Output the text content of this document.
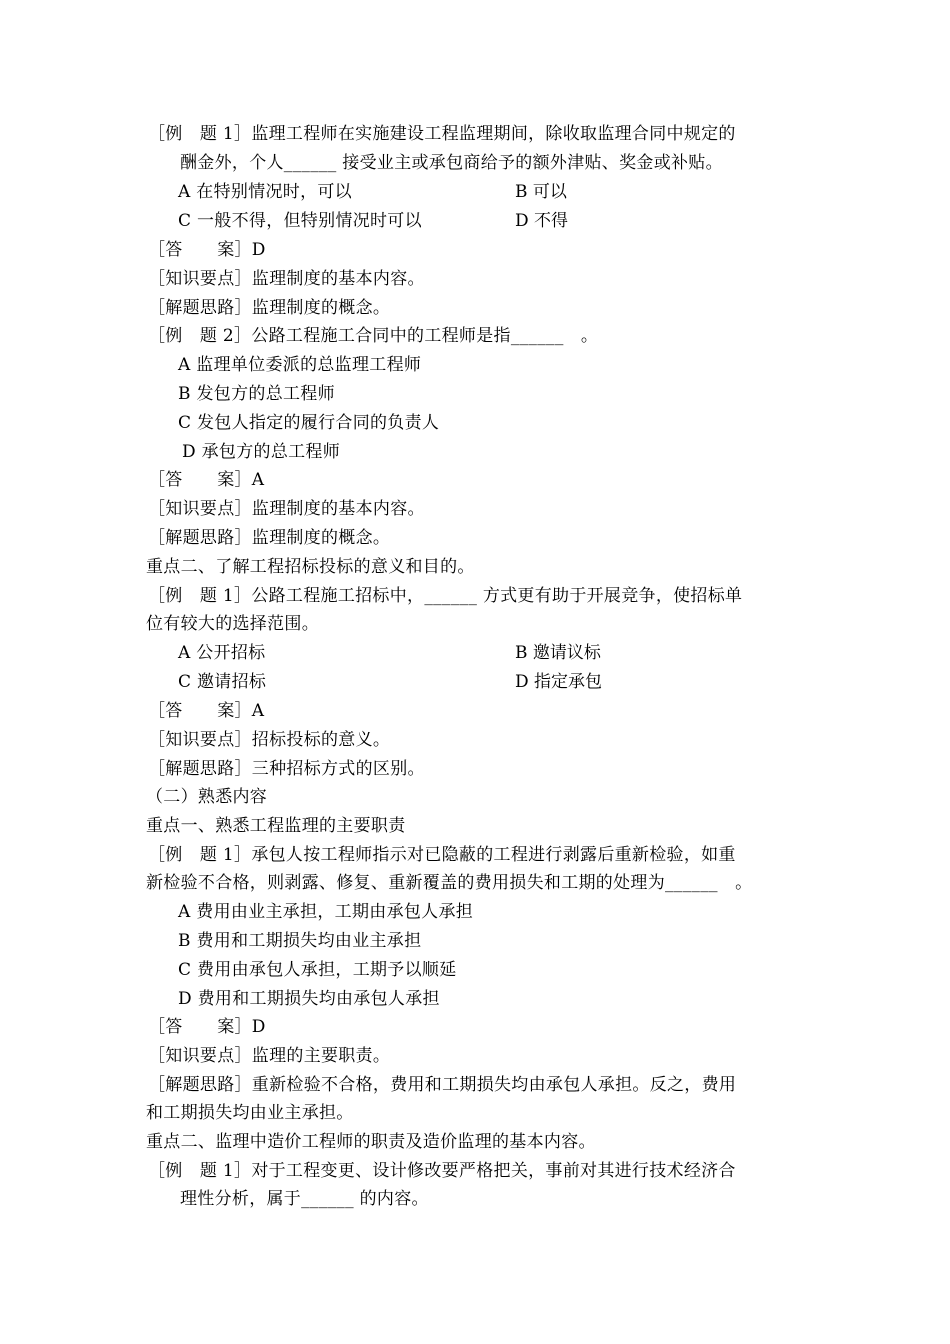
［例　题 1］监理工程师在实施建设工程监理期间，除收取监理合同中规定的
酬金外，个人______ 接受业主或承包商给予的额外津贴、奖金或补贴。
A 在特别情况时，可以	B 可以
C 一般不得，但特别情况时可以	D 不得
［答　　案］D
［知识要点］监理制度的基本内容。
［解题思路］监理制度的概念。
［例　题 2］公路工程施工合同中的工程师是指______　。
A 监理单位委派的总监理工程师
B 发包方的总工程师
C 发包人指定的履行合同的负责人
D 承包方的总工程师
［答　　案］A
［知识要点］监理制度的基本内容。
［解题思路］监理制度的概念。
重点二、了解工程招标投标的意义和目的。
［例　题 1］公路工程施工招标中，______ 方式更有助于开展竞争，使招标单
位有较大的选择范围。
A 公开招标	B 邀请议标
C 邀请招标	D 指定承包
［答　　案］A
［知识要点］招标投标的意义。
［解题思路］三种招标方式的区别。
（二）熟悉内容
重点一、熟悉工程监理的主要职责
［例　题 1］承包人按工程师指示对已隐蔽的工程进行剥露后重新检验，如重
新检验不合格，则剥露、修复、重新覆盖的费用损失和工期的处理为______　。
A 费用由业主承担，工期由承包人承担
B 费用和工期损失均由业主承担
C 费用由承包人承担，工期予以顺延
D 费用和工期损失均由承包人承担
［答　　案］D
［知识要点］监理的主要职责。
［解题思路］重新检验不合格，费用和工期损失均由承包人承担。反之，费用
和工期损失均由业主承担。
重点二、监理中造价工程师的职责及造价监理的基本内容。
［例　题 1］对于工程变更、设计修改要严格把关，事前对其进行技术经济合
理性分析，属于______ 的内容。
